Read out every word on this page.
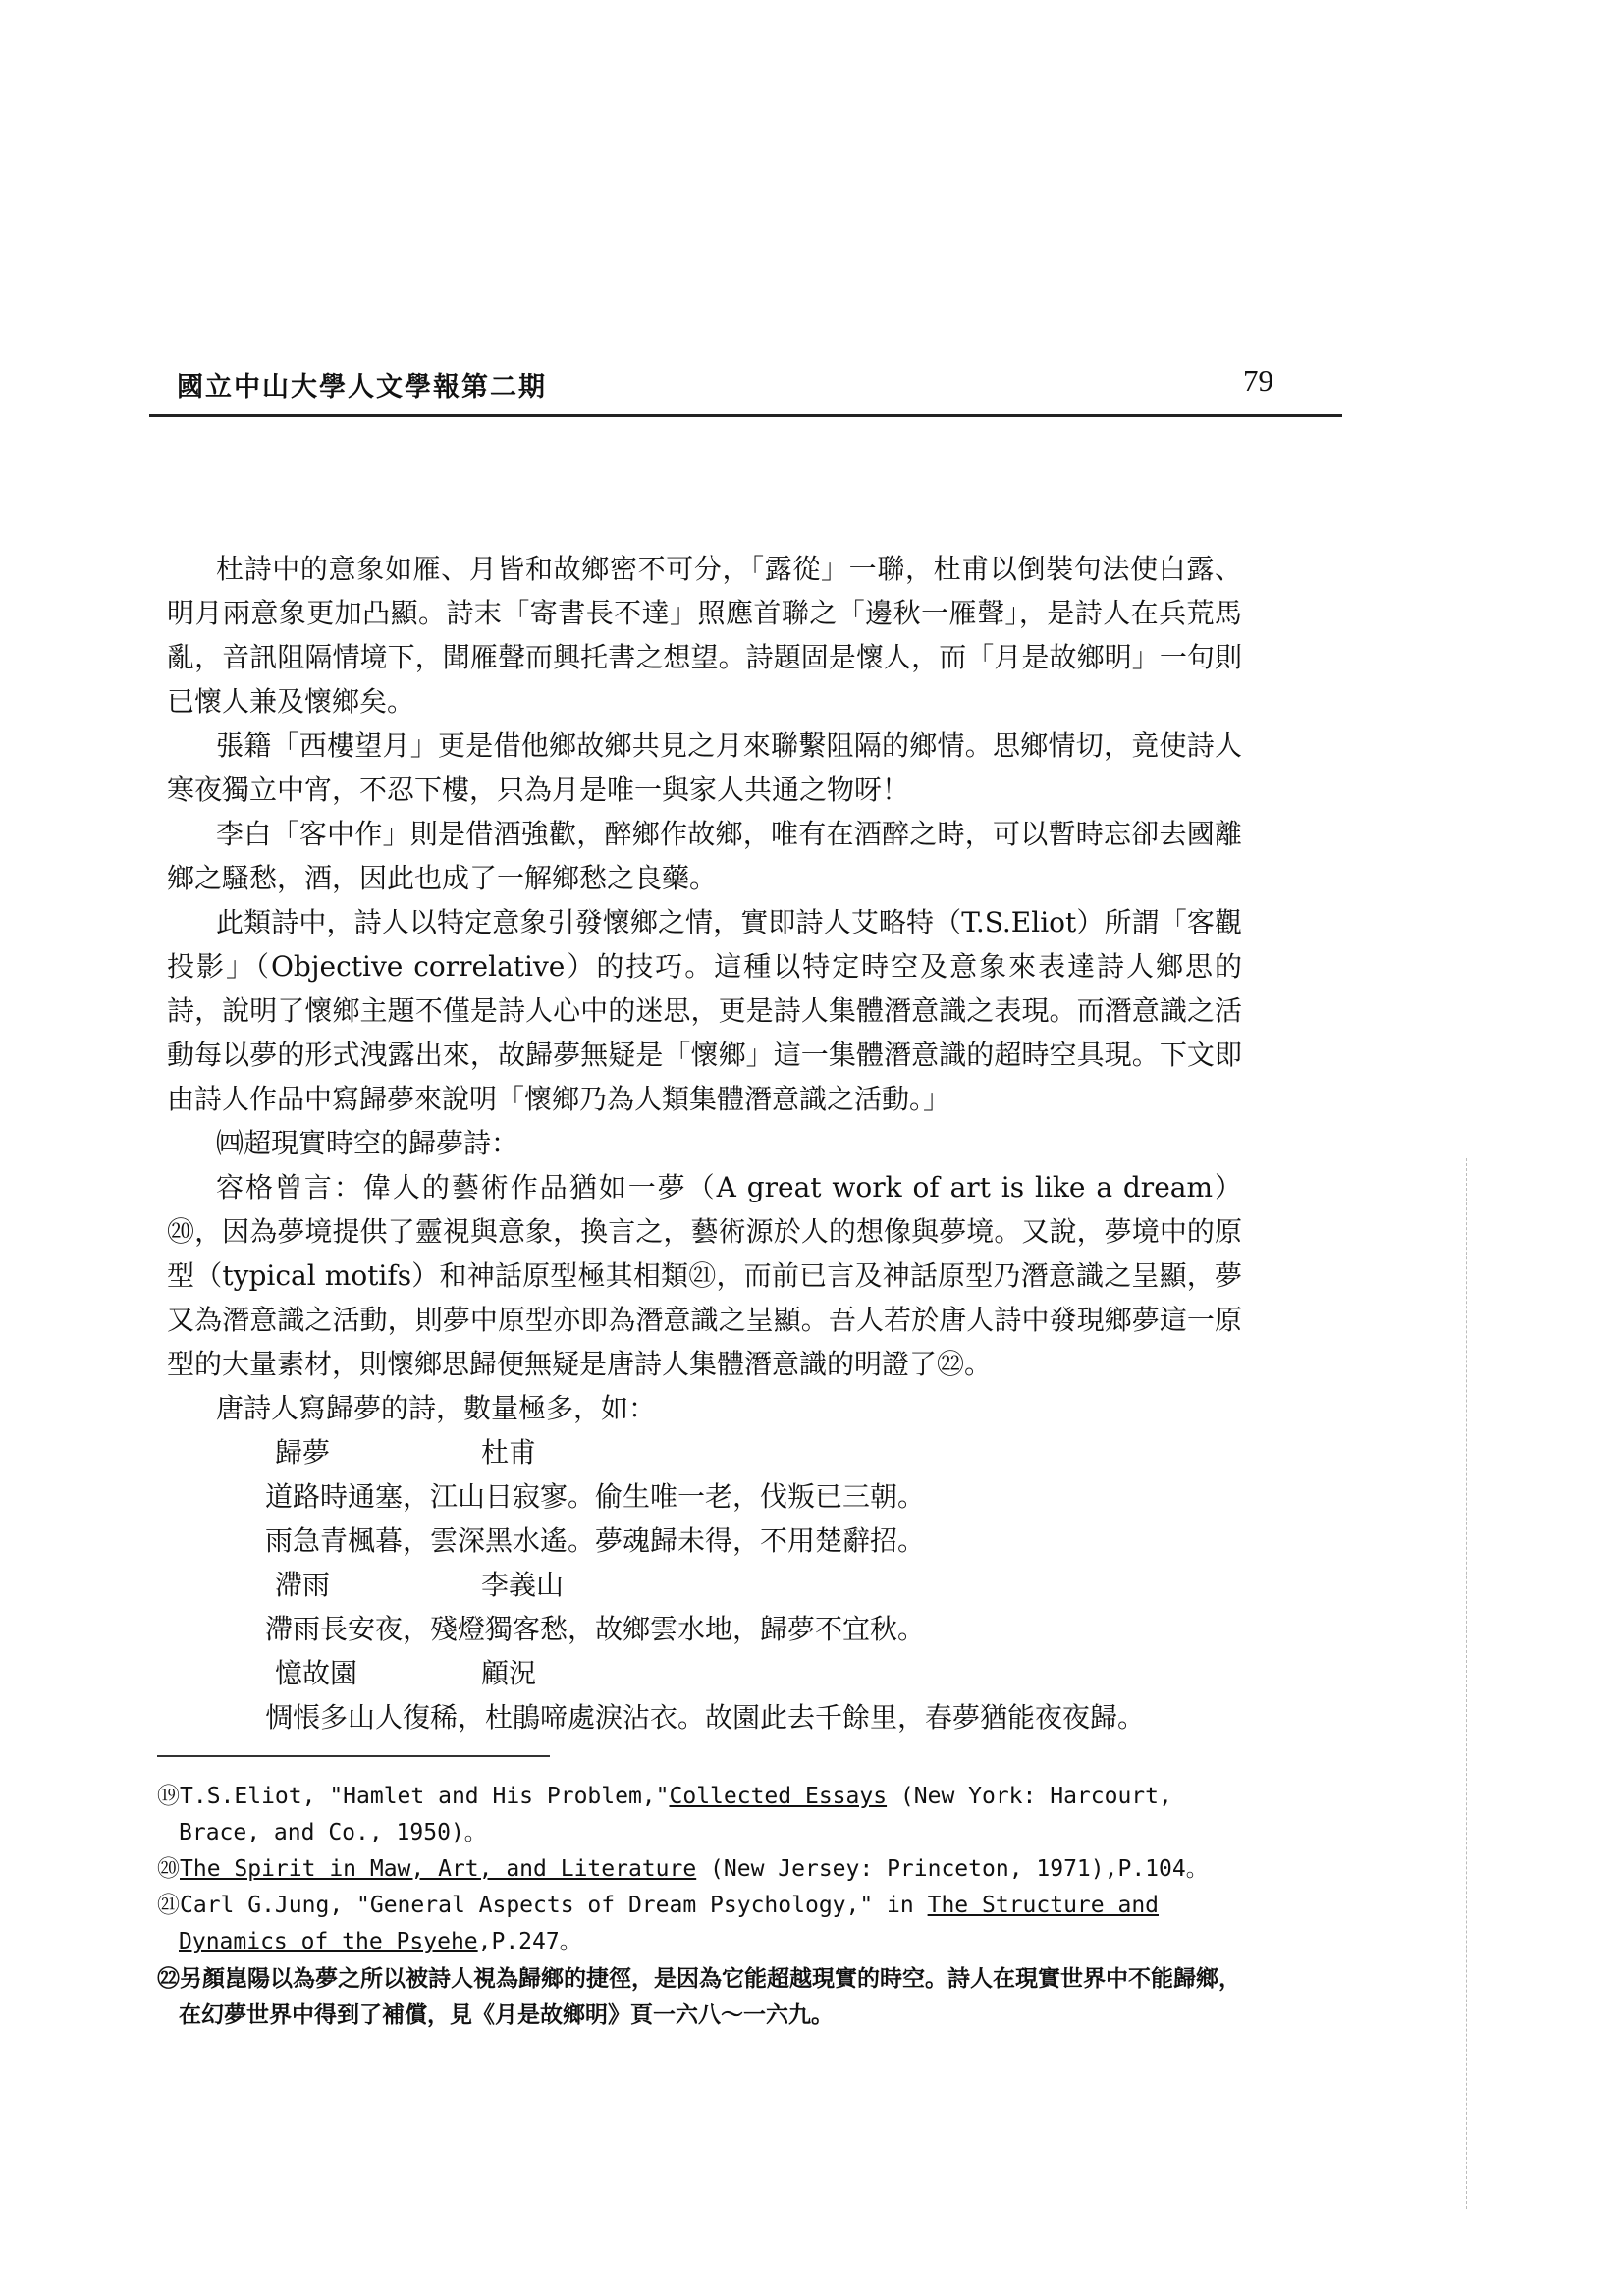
國立中山大學人文學報第二期	79

杜詩中的意象如雁、月皆和故鄉密不可分，「露從」一聯，杜甫以倒裝句法使白露、明月兩意象更加凸顯。詩末「寄書長不達」照應首聯之「邊秋一雁聲」，是詩人在兵荒馬亂，音訊阻隔情境下，聞雁聲而興托書之想望。詩題固是懷人，而「月是故鄉明」一句則已懷人兼及懷鄉矣。

張籍「西樓望月」更是借他鄉故鄉共見之月來聯繫阻隔的鄉情。思鄉情切，竟使詩人寒夜獨立中宵，不忍下樓，只為月是唯一與家人共通之物呀！

李白「客中作」則是借酒強歡，醉鄉作故鄉，唯有在酒醉之時，可以暫時忘卻去國離鄉之騷愁，酒，因此也成了一解鄉愁之良藥。

此類詩中，詩人以特定意象引發懷鄉之情，實即詩人艾略特（T.S.Eliot）所謂「客觀投影」（Objective correlative）的技巧。這種以特定時空及意象來表達詩人鄉思的詩，說明了懷鄉主題不僅是詩人心中的迷思，更是詩人集體潛意識之表現。而潛意識之活動每以夢的形式洩露出來，故歸夢無疑是「懷鄉」這一集體潛意識的超時空具現。下文即由詩人作品中寫歸夢來說明「懷鄉乃為人類集體潛意識之活動。」

㈣超現實時空的歸夢詩：

容格曾言：偉人的藝術作品猶如一夢（A great work of art is like a dream）⑳，因為夢境提供了靈視與意象，換言之，藝術源於人的想像與夢境。又說，夢境中的原型（typical motifs）和神話原型極其相類㉑，而前已言及神話原型乃潛意識之呈顯，夢又為潛意識之活動，則夢中原型亦即為潛意識之呈顯。吾人若於唐人詩中發現鄉夢這一原型的大量素材，則懷鄉思歸便無疑是唐詩人集體潛意識的明證了㉒。

唐詩人寫歸夢的詩，數量極多，如：

歸夢	杜甫

道路時通塞，江山日寂寥。偷生唯一老，伐叛已三朝。

雨急青楓暮，雲深黑水遙。夢魂歸未得，不用楚辭招。

滯雨	李義山

滯雨長安夜，殘燈獨客愁，故鄉雲水地，歸夢不宜秋。

憶故園	顧況

惆悵多山人復稀，杜鵑啼處淚沾衣。故園此去千餘里，春夢猶能夜夜歸。

⑲T.S.Eliot, "Hamlet and His Problem,"Collected Essays (New York: Harcourt, Brace, and Co., 1950)。

⑳The Spirit in Maw, Art, and Literature (New Jersey: Princeton, 1971),P.104。

㉑Carl G.Jung, "General Aspects of Dream Psychology," in The Structure and Dynamics of the Psyehe,P.247。

㉒另顏崑陽以為夢之所以被詩人視為歸鄉的捷徑，是因為它能超越現實的時空。詩人在現實世界中不能歸鄉，在幻夢世界中得到了補償，見《月是故鄉明》頁一六八～一六九。
